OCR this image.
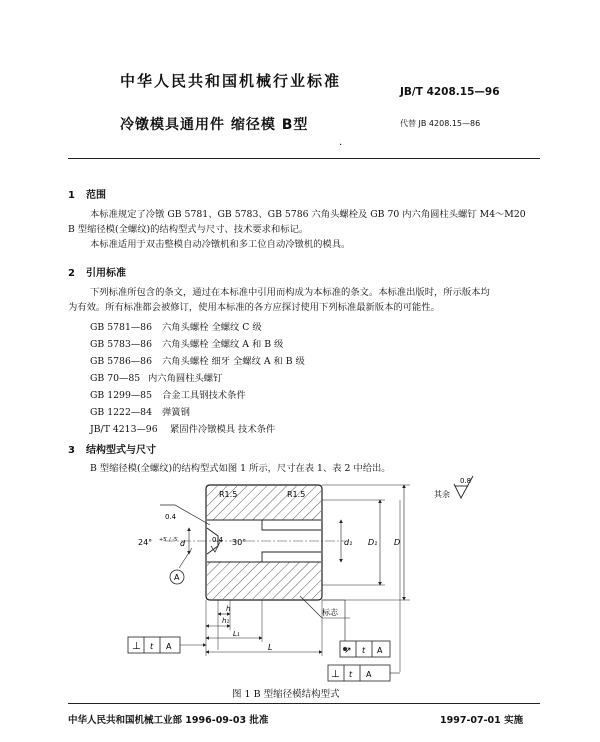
中华人民共和国机械行业标准
JB/T 4208.15—96
冷镦模具通用件 缩径模 B型	代替 JB 4208.15—86
·
1 范围
本标准规定了冷镦 GB 5781、GB 5783、GB 5786 六角头螺栓及 GB 70 内六角圆柱头螺钉 M4～M20
B 型缩径模(全螺纹)的结构型式与尺寸、技术要求和标记。
本标准适用于双击整模自动冷镦机和多工位自动冷镦机的模具。
2 引用标准
下列标准所包含的条文，通过在本标准中引用而构成为本标准的条文。本标准出版时，所示版本均
为有效。所有标准都会被修订，使用本标准的各方应探讨使用下列标准最新版本的可能性。
GB 5781—86 六角头螺栓 全螺纹 C 级
GB 5783—86 六角头螺栓 全螺纹 A 和 B 级
GB 5786—86 六角头螺栓 细牙 全螺纹 A 和 B 级
GB 70—85 内六角圆柱头螺钉
GB 1299—85 合金工具钢技术条件
GB 1222—84 弹簧钢
JB/T 4213—96 紧固件冷镦模具 技术条件
3 结构型式与尺寸
B 型缩径模(全螺纹)的结构型式如图 1 所示，尺寸在表 1、表 2 中给出。
R1.5	R1.5
0.4
0.4
24° +5′ / -5′ d	30°	d₁ D₁ D
A
h
h₁
L₁
L
标志
⊥ t A	↗ t A
⊥ t A
其余
0.8
图 1 B 型缩径模结构型式
中华人民共和国机械工业部 1996-09-03 批准	1997-07-01 实施
